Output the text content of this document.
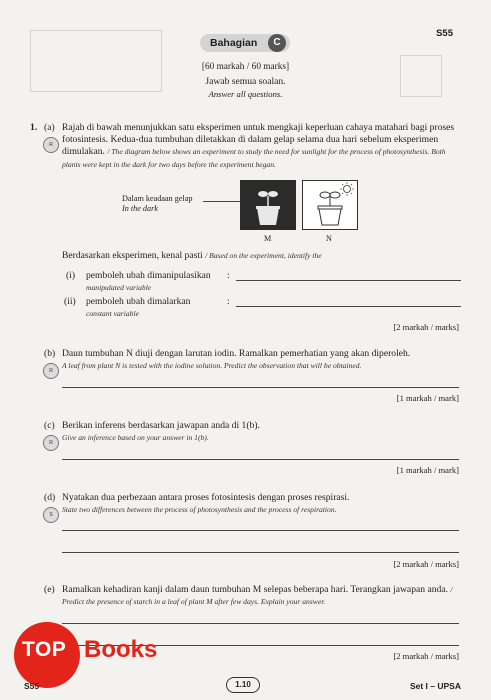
S55
Bahagian	C
[60 markah / 60 marks]
Jawab semua soalan.
Answer all questions.
1. (a)
R
Rajah di bawah menunjukkan satu eksperimen untuk mengkaji keperluan cahaya matahari bagi proses fotosintesis. Kedua-dua tumbuhan diletakkan di dalam gelap selama dua hari sebelum eksperimen dimulakan. / The diagram below shows an experiment to study the need for sunlight for the process of photosynthesis. Both plants were kept in the dark for two days before the experiment began.
Dalam keadaan gelap
In the dark
M	N
Berdasarkan eksperimen, kenal pasti / Based on the experiment, identify the
(i) pemboleh ubah dimanipulasikan
manipulated variable
:
(ii) pemboleh ubah dimalarkan
constant variable
:
[2 markah / marks]
(b)
R
Daun tumbuhan N diuji dengan larutan iodin. Ramalkan pemerhatian yang akan diperoleh.
A leaf from plant N is tested with the iodine solution. Predict the observation that will be obtained.
[1 markah / mark]
(c)
R
Berikan inferens berdasarkan jawapan anda di 1(b).
Give an inference based on your answer in 1(b).
[1 markah / mark]
(d)
S
Nyatakan dua perbezaan antara proses fotosintesis dengan proses respirasi.
State two differences between the process of photosynthesis and the process of respiration.
[2 markah / marks]
(e) Ramalkan kehadiran kanji dalam daun tumbuhan M selepas beberapa hari. Terangkan jawapan anda. / Predict the presence of starch in a leaf of plant M after few days. Explain your answer.
[2 markah / marks]
TOP Books
S55	1.10	Set I – UPSA
